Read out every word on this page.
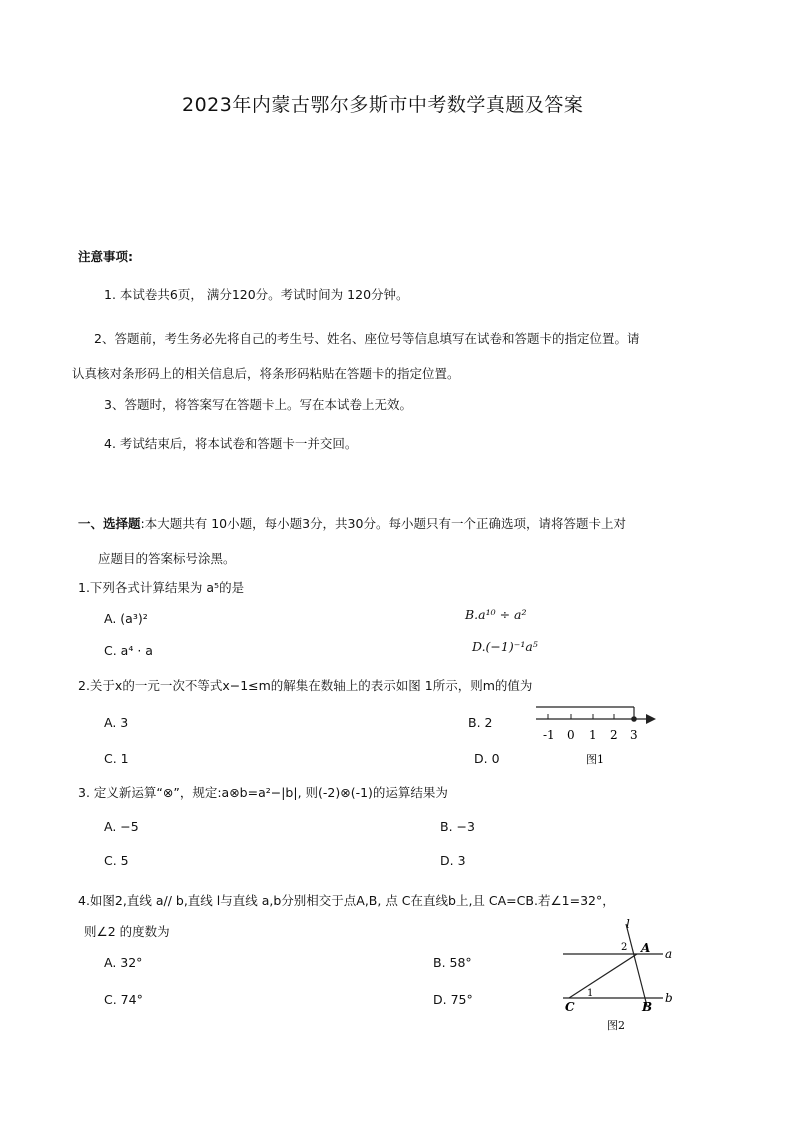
2023年内蒙古鄂尔多斯市中考数学真题及答案
注意事项:
1. 本试卷共6页， 满分120分。考试时间为 120分钟。
2、答题前，考生务必先将自己的考生号、姓名、座位号等信息填写在试卷和答题卡的指定位置。请
认真核对条形码上的相关信息后，将条形码粘贴在答题卡的指定位置。
3、答题时，将答案写在答题卡上。写在本试卷上无效。
4. 考试结束后，将本试卷和答题卡一并交回。
一、选择题:本大题共有 10小题，每小题3分，共30分。每小题只有一个正确选项，请将答题卡上对
应题目的答案标号涂黑。
1.下列各式计算结果为 a⁵的是
A. (a³)²	B.a¹⁰ ÷ a²
C. a⁴ · a	D.(−1)⁻¹a⁵
2.关于x的一元一次不等式x−1≤m的解集在数轴上的表示如图 1所示，则m的值为
A. 3	B. 2
C. 1	D. 0
-1 0 1 2 3
图1
3. 定义新运算“⊗”，规定:a⊗b=a²−|b|, 则(-2)⊗(-1)的运算结果为
A. −5	B. −3
C. 5	D. 3
4.如图2,直线 a// b,直线 l与直线 a,b分别相交于点A,B, 点 C在直线b上,且 CA=CB.若∠1=32°，
则∠2 的度数为
A. 32°	B. 58°
C. 74°	D. 75°
l
a
b
A
B
C
1
2
图2
